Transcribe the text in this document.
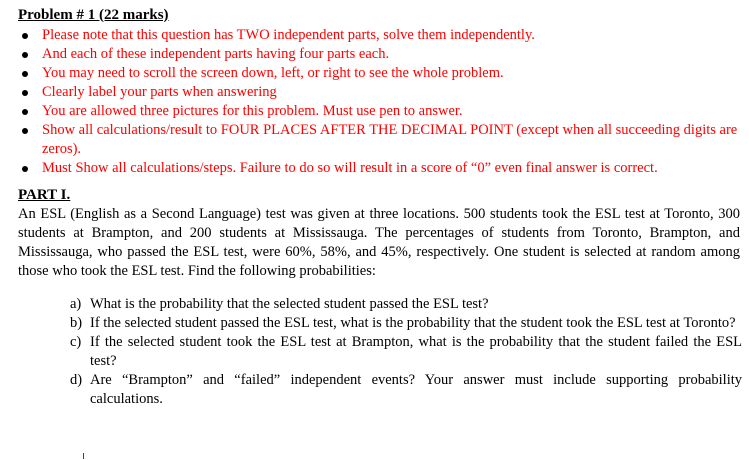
Problem # 1 (22 marks)
Please note that this question has TWO independent parts, solve them independently.
And each of these independent parts having four parts each.
You may need to scroll the screen down, left, or right to see the whole problem.
Clearly label your parts when answering
You are allowed three pictures for this problem. Must use pen to answer.
Show all calculations/result to FOUR PLACES AFTER THE DECIMAL POINT (except when all succeeding digits are zeros).
Must Show all calculations/steps. Failure to do so will result in a score of “0” even final answer is correct.
PART I.

An ESL (English as a Second Language) test was given at three locations. 500 students took the ESL test at Toronto, 300 students at Brampton, and 200 students at Mississauga. The percentages of students from Toronto, Brampton, and Mississauga, who passed the ESL test, were 60%, 58%, and 45%, respectively. One student is selected at random among those who took the ESL test. Find the following probabilities:

a) What is the probability that the selected student passed the ESL test?
b) If the selected student passed the ESL test, what is the probability that the student took the ESL test at Toronto?
c) If the selected student took the ESL test at Brampton, what is the probability that the student failed the ESL test?
d) Are “Brampton” and “failed” independent events? Your answer must include supporting probability calculations.
